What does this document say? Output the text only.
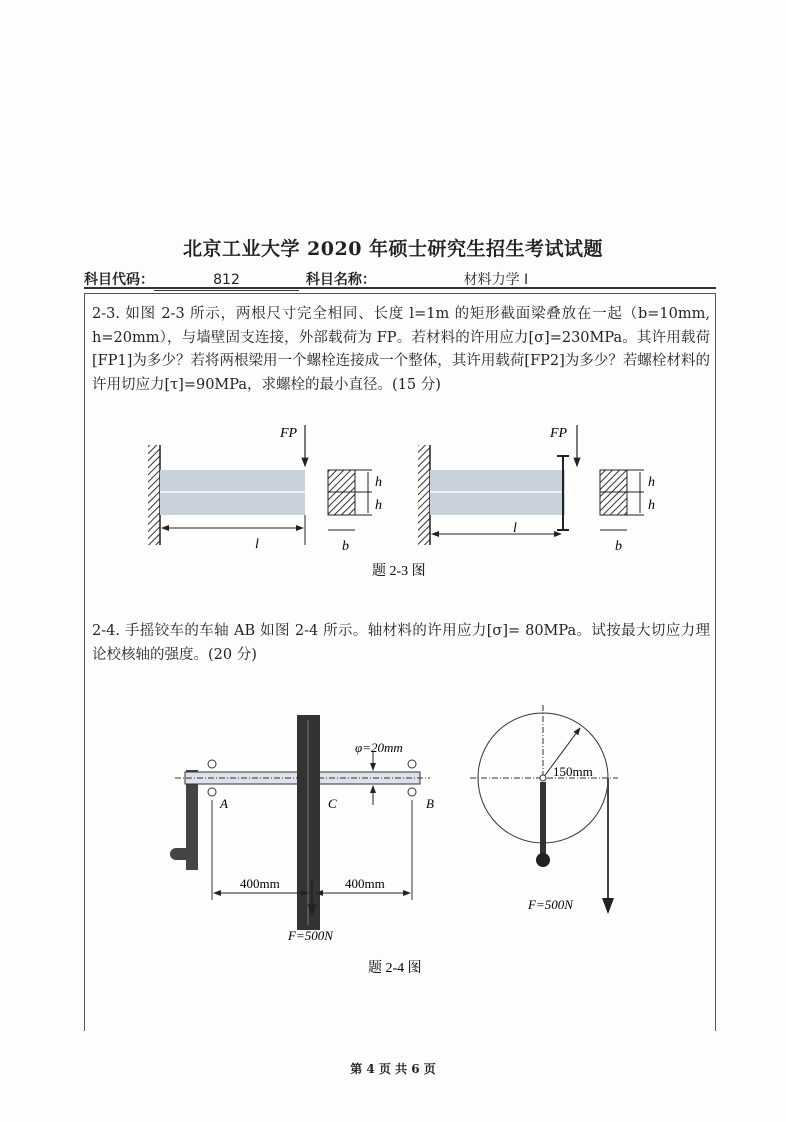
北京工业大学 2020 年硕士研究生招生考试试题
科目代码：	812	科目名称：	材料力学 I
2-3. 如图 2-3 所示，两根尺寸完全相同、长度 l=1m 的矩形截面梁叠放在一起（b=10mm, h=20mm），与墙壁固支连接，外部载荷为 FP。若材料的许用应力[σ]=230MPa。其许用载荷[FP1]为多少？若将两根梁用一个螺栓连接成一个整体，其许用载荷[FP2]为多少？若螺栓材料的许用切应力[τ]=90MPa，求螺栓的最小直径。(15 分)
FP
l
h
h
b
FP
l
h
h
b
题 2-3 图
A	C	B
φ=20mm
400mm	400mm
F=500N
150mm
F=500N
题 2-4 图
2-4. 手摇铰车的车轴 AB 如图 2-4 所示。轴材料的许用应力[σ]= 80MPa。试按最大切应力理论校核轴的强度。(20 分)
第 4 页 共 6 页
